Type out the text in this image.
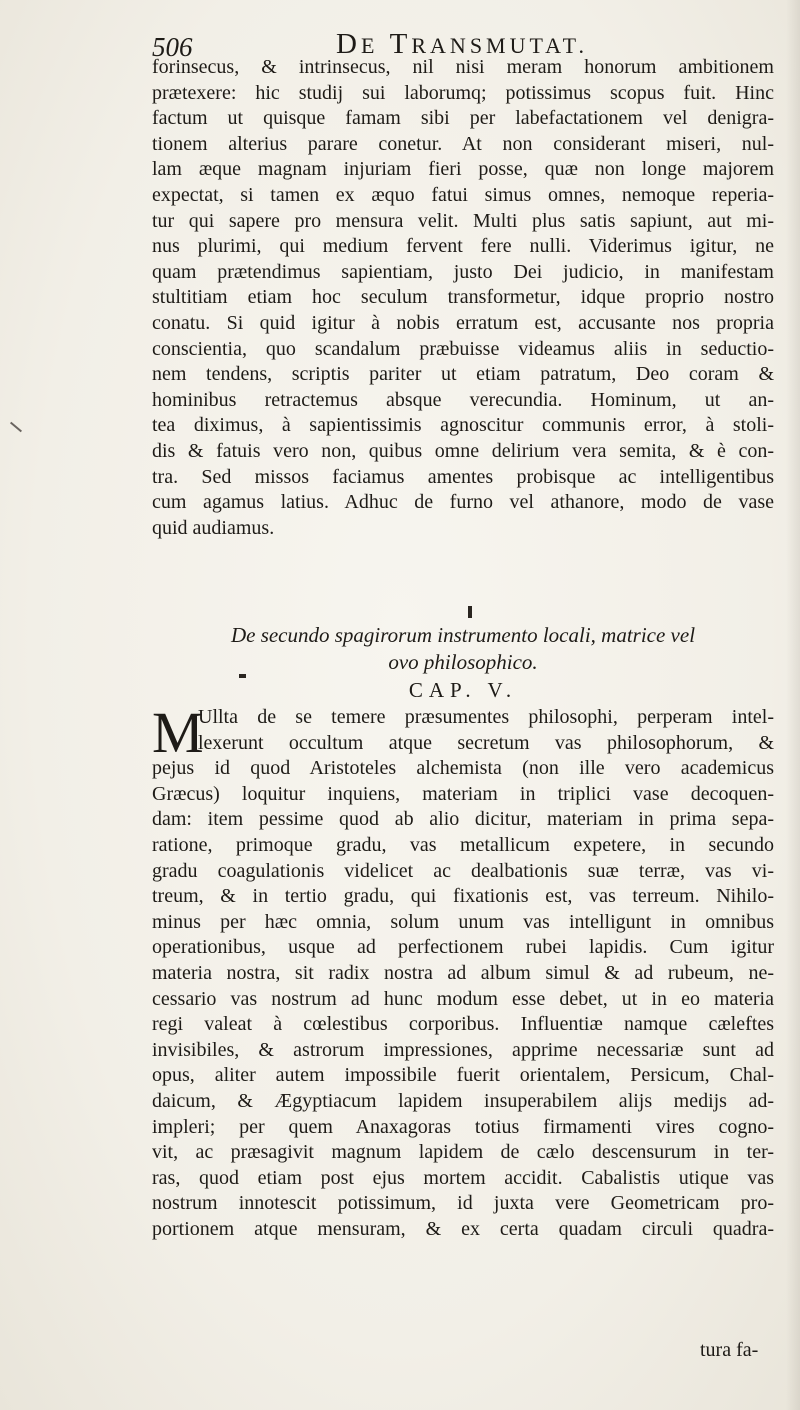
506	DE TRANSMUTAT.
forinsecus, & intrinsecus, nil nisi meram honorum ambitionem
prætexere: hic studij sui laborumq; potissimus scopus fuit. Hinc
factum ut quisque famam sibi per labefactationem vel denigra-
tionem alterius parare conetur. At non considerant miseri, nul-
lam æque magnam injuriam fieri posse, quæ non longe majorem
expectat, si tamen ex æquo fatui simus omnes, nemoque reperia-
tur qui sapere pro mensura velit. Multi plus satis sapiunt, aut mi-
nus plurimi, qui medium fervent fere nulli. Viderimus igitur, ne
quam prætendimus sapientiam, justo Dei judicio, in manifestam
stultitiam etiam hoc seculum transformetur, idque proprio nostro
conatu. Si quid igitur à nobis erratum est, accusante nos propria
conscientia, quo scandalum præbuisse videamus aliis in seductio-
nem tendens, scriptis pariter ut etiam patratum, Deo coram &
hominibus retractemus absque verecundia. Hominum, ut an-
tea diximus, à sapientissimis agnoscitur communis error, à stoli-
dis & fatuis vero non, quibus omne delirium vera semita, & è con-
tra. Sed missos faciamus amentes probisque ac intelligentibus
cum agamus latius. Adhuc de furno vel athanore, modo de vase
quid audiamus.
De secundo spagirorum instrumento locali, matrice vel
ovo philosophico.
CAP. V.
M
Ullta de se temere præsumentes philosophi, perperam intel-
lexerunt occultum atque secretum vas philosophorum, &
pejus id quod Aristoteles alchemista (non ille vero academicus
Græcus) loquitur inquiens, materiam in triplici vase decoquen-
dam: item pessime quod ab alio dicitur, materiam in prima sepa-
ratione, primoque gradu, vas metallicum expetere, in secundo
gradu coagulationis videlicet ac dealbationis suæ terræ, vas vi-
treum, & in tertio gradu, qui fixationis est, vas terreum. Nihilo-
minus per hæc omnia, solum unum vas intelligunt in omnibus
operationibus, usque ad perfectionem rubei lapidis. Cum igitur
materia nostra, sit radix nostra ad album simul & ad rubeum, ne-
cessario vas nostrum ad hunc modum esse debet, ut in eo materia
regi valeat à cœlestibus corporibus. Influentiæ namque cæleftes
invisibiles, & astrorum impressiones, apprime necessariæ sunt ad
opus, aliter autem impossibile fuerit orientalem, Persicum, Chal-
daicum, & Ægyptiacum lapidem insuperabilem alijs medijs ad-
impleri; per quem Anaxagoras totius firmamenti vires cogno-
vit, ac præsagivit magnum lapidem de cælo descensurum in ter-
ras, quod etiam post ejus mortem accidit. Cabalistis utique vas
nostrum innotescit potissimum, id juxta vere Geometricam pro-
portionem atque mensuram, & ex certa quadam circuli quadra-
tura fa-
